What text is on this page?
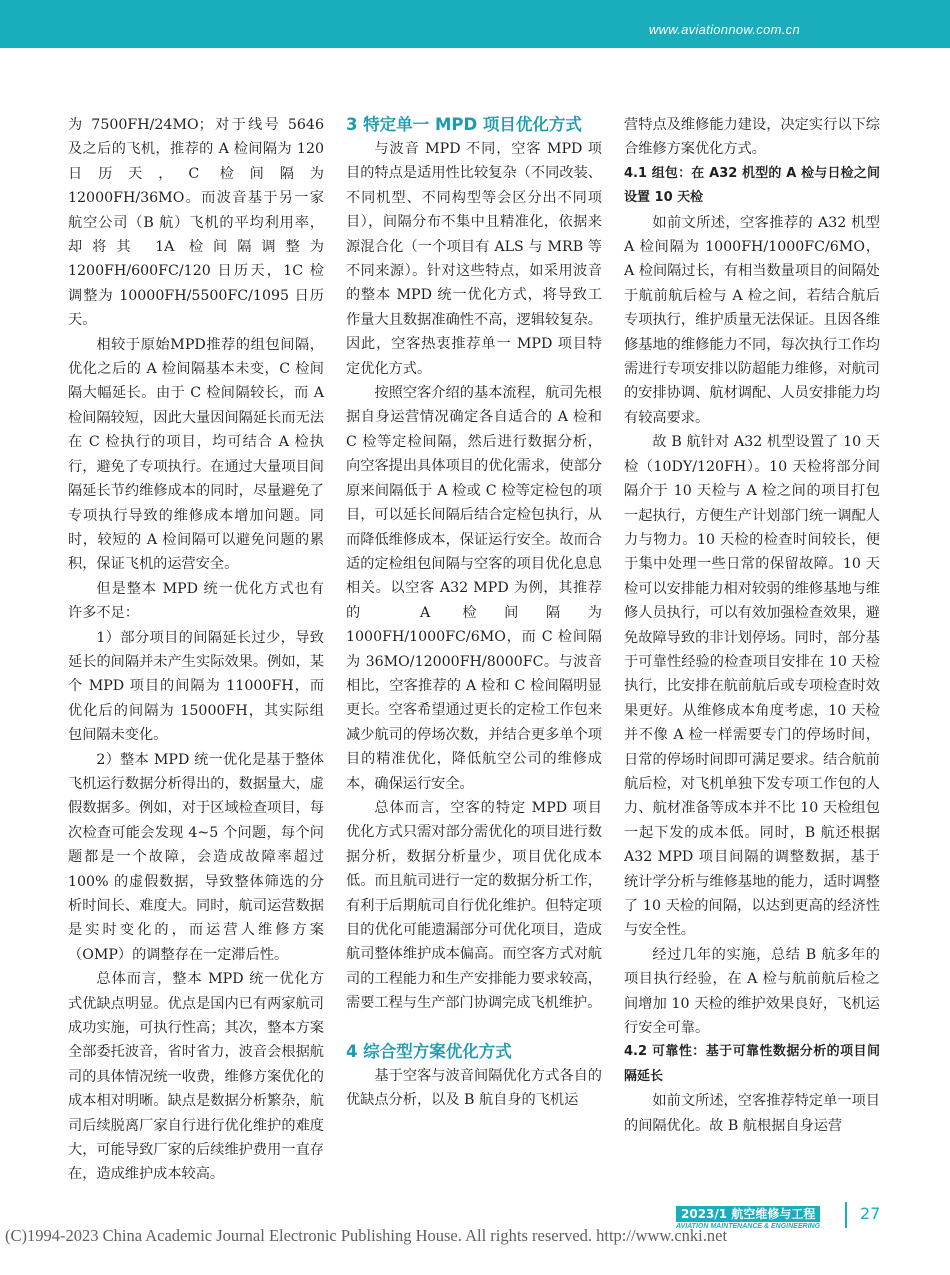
www.aviationnow.com.cn

为 7500FH/24MO；对于线号 5646 及之后的飞机，推荐的 A 检间隔为 120 日历天，C 检间隔为 12000FH/36MO。而波音基于另一家航空公司（B 航）飞机的平均利用率，却将其 1A 检间隔调整为 1200FH/600FC/120 日历天，1C 检调整为 10000FH/5500FC/1095 日历天。

相较于原始MPD推荐的组包间隔，优化之后的 A 检间隔基本未变，C 检间隔大幅延长。由于 C 检间隔较长，而 A 检间隔较短，因此大量因间隔延长而无法在 C 检执行的项目，均可结合 A 检执行，避免了专项执行。在通过大量项目间隔延长节约维修成本的同时，尽量避免了专项执行导致的维修成本增加问题。同时，较短的 A 检间隔可以避免问题的累积，保证飞机的运营安全。

但是整本 MPD 统一优化方式也有许多不足：

1）部分项目的间隔延长过少，导致延长的间隔并未产生实际效果。例如，某个 MPD 项目的间隔为 11000FH，而优化后的间隔为 15000FH，其实际组包间隔未变化。

2）整本 MPD 统一优化是基于整体飞机运行数据分析得出的，数据量大，虚假数据多。例如，对于区域检查项目，每次检查可能会发现 4~5 个问题，每个问题都是一个故障，会造成故障率超过 100% 的虚假数据，导致整体筛选的分析时间长、难度大。同时，航司运营数据是实时变化的，而运营人维修方案（OMP）的调整存在一定滞后性。

总体而言，整本 MPD 统一优化方式优缺点明显。优点是国内已有两家航司成功实施，可执行性高；其次，整本方案全部委托波音，省时省力，波音会根据航司的具体情况统一收费，维修方案优化的成本相对明晰。缺点是数据分析繁杂，航司后续脱离厂家自行进行优化维护的难度大，可能导致厂家的后续维护费用一直存在，造成维护成本较高。

3 特定单一 MPD 项目优化方式

与波音 MPD 不同，空客 MPD 项目的特点是适用性比较复杂（不同改装、不同机型、不同构型等会区分出不同项目），间隔分布不集中且精准化，依据来源混合化（一个项目有 ALS 与 MRB 等不同来源）。针对这些特点，如采用波音的整本 MPD 统一优化方式，将导致工作量大且数据准确性不高，逻辑较复杂。因此，空客热衷推荐单一 MPD 项目特定优化方式。

按照空客介绍的基本流程，航司先根据自身运营情况确定各自适合的 A 检和 C 检等定检间隔，然后进行数据分析，向空客提出具体项目的优化需求，使部分原来间隔低于 A 检或 C 检等定检包的项目，可以延长间隔后结合定检包执行，从而降低维修成本，保证运行安全。故而合适的定检组包间隔与空客的项目优化息息相关。以空客 A32 MPD 为例，其推荐的 A 检间隔为 1000FH/1000FC/6MO，而 C 检间隔为 36MO/12000FH/8000FC。与波音相比，空客推荐的 A 检和 C 检间隔明显更长。空客希望通过更长的定检工作包来减少航司的停场次数，并结合更多单个项目的精准优化，降低航空公司的维修成本，确保运行安全。

总体而言，空客的特定 MPD 项目优化方式只需对部分需优化的项目进行数据分析，数据分析量少，项目优化成本低。而且航司进行一定的数据分析工作，有利于后期航司自行优化维护。但特定项目的优化可能遗漏部分可优化项目，造成航司整体维护成本偏高。而空客方式对航司的工程能力和生产安排能力要求较高，需要工程与生产部门协调完成飞机维护。

4 综合型方案优化方式

基于空客与波音间隔优化方式各自的优缺点分析，以及 B 航自身的飞机运

营特点及维修能力建设，决定实行以下综合维修方案优化方式。

4.1 组包：在 A32 机型的 A 检与日检之间设置 10 天检

如前文所述，空客推荐的 A32 机型 A 检间隔为 1000FH/1000FC/6MO，A 检间隔过长，有相当数量项目的间隔处于航前航后检与 A 检之间，若结合航后专项执行，维护质量无法保证。且因各维修基地的维修能力不同，每次执行工作均需进行专项安排以防超能力维修，对航司的安排协调、航材调配、人员安排能力均有较高要求。

故 B 航针对 A32 机型设置了 10 天检（10DY/120FH）。10 天检将部分间隔介于 10 天检与 A 检之间的项目打包一起执行，方便生产计划部门统一调配人力与物力。10 天检的检查时间较长，便于集中处理一些日常的保留故障。10 天检可以安排能力相对较弱的维修基地与维修人员执行，可以有效加强检查效果，避免故障导致的非计划停场。同时，部分基于可靠性经验的检查项目安排在 10 天检执行，比安排在航前航后或专项检查时效果更好。从维修成本角度考虑，10 天检并不像 A 检一样需要专门的停场时间，日常的停场时间即可满足要求。结合航前航后检，对飞机单独下发专项工作包的人力、航材准备等成本并不比 10 天检组包一起下发的成本低。同时，B 航还根据 A32 MPD 项目间隔的调整数据，基于统计学分析与维修基地的能力，适时调整了 10 天检的间隔，以达到更高的经济性与安全性。

经过几年的实施，总结 B 航多年的项目执行经验，在 A 检与航前航后检之间增加 10 天检的维护效果良好，飞机运行安全可靠。

4.2 可靠性：基于可靠性数据分析的项目间隔延长

如前文所述，空客推荐特定单一项目的间隔优化。故 B 航根据自身运营

2023/1 航空维修与工程
AVIATION MAINTENANCE & ENGINEERING
27
(C)1994-2023 China Academic Journal Electronic Publishing House. All rights reserved. http://www.cnki.net
